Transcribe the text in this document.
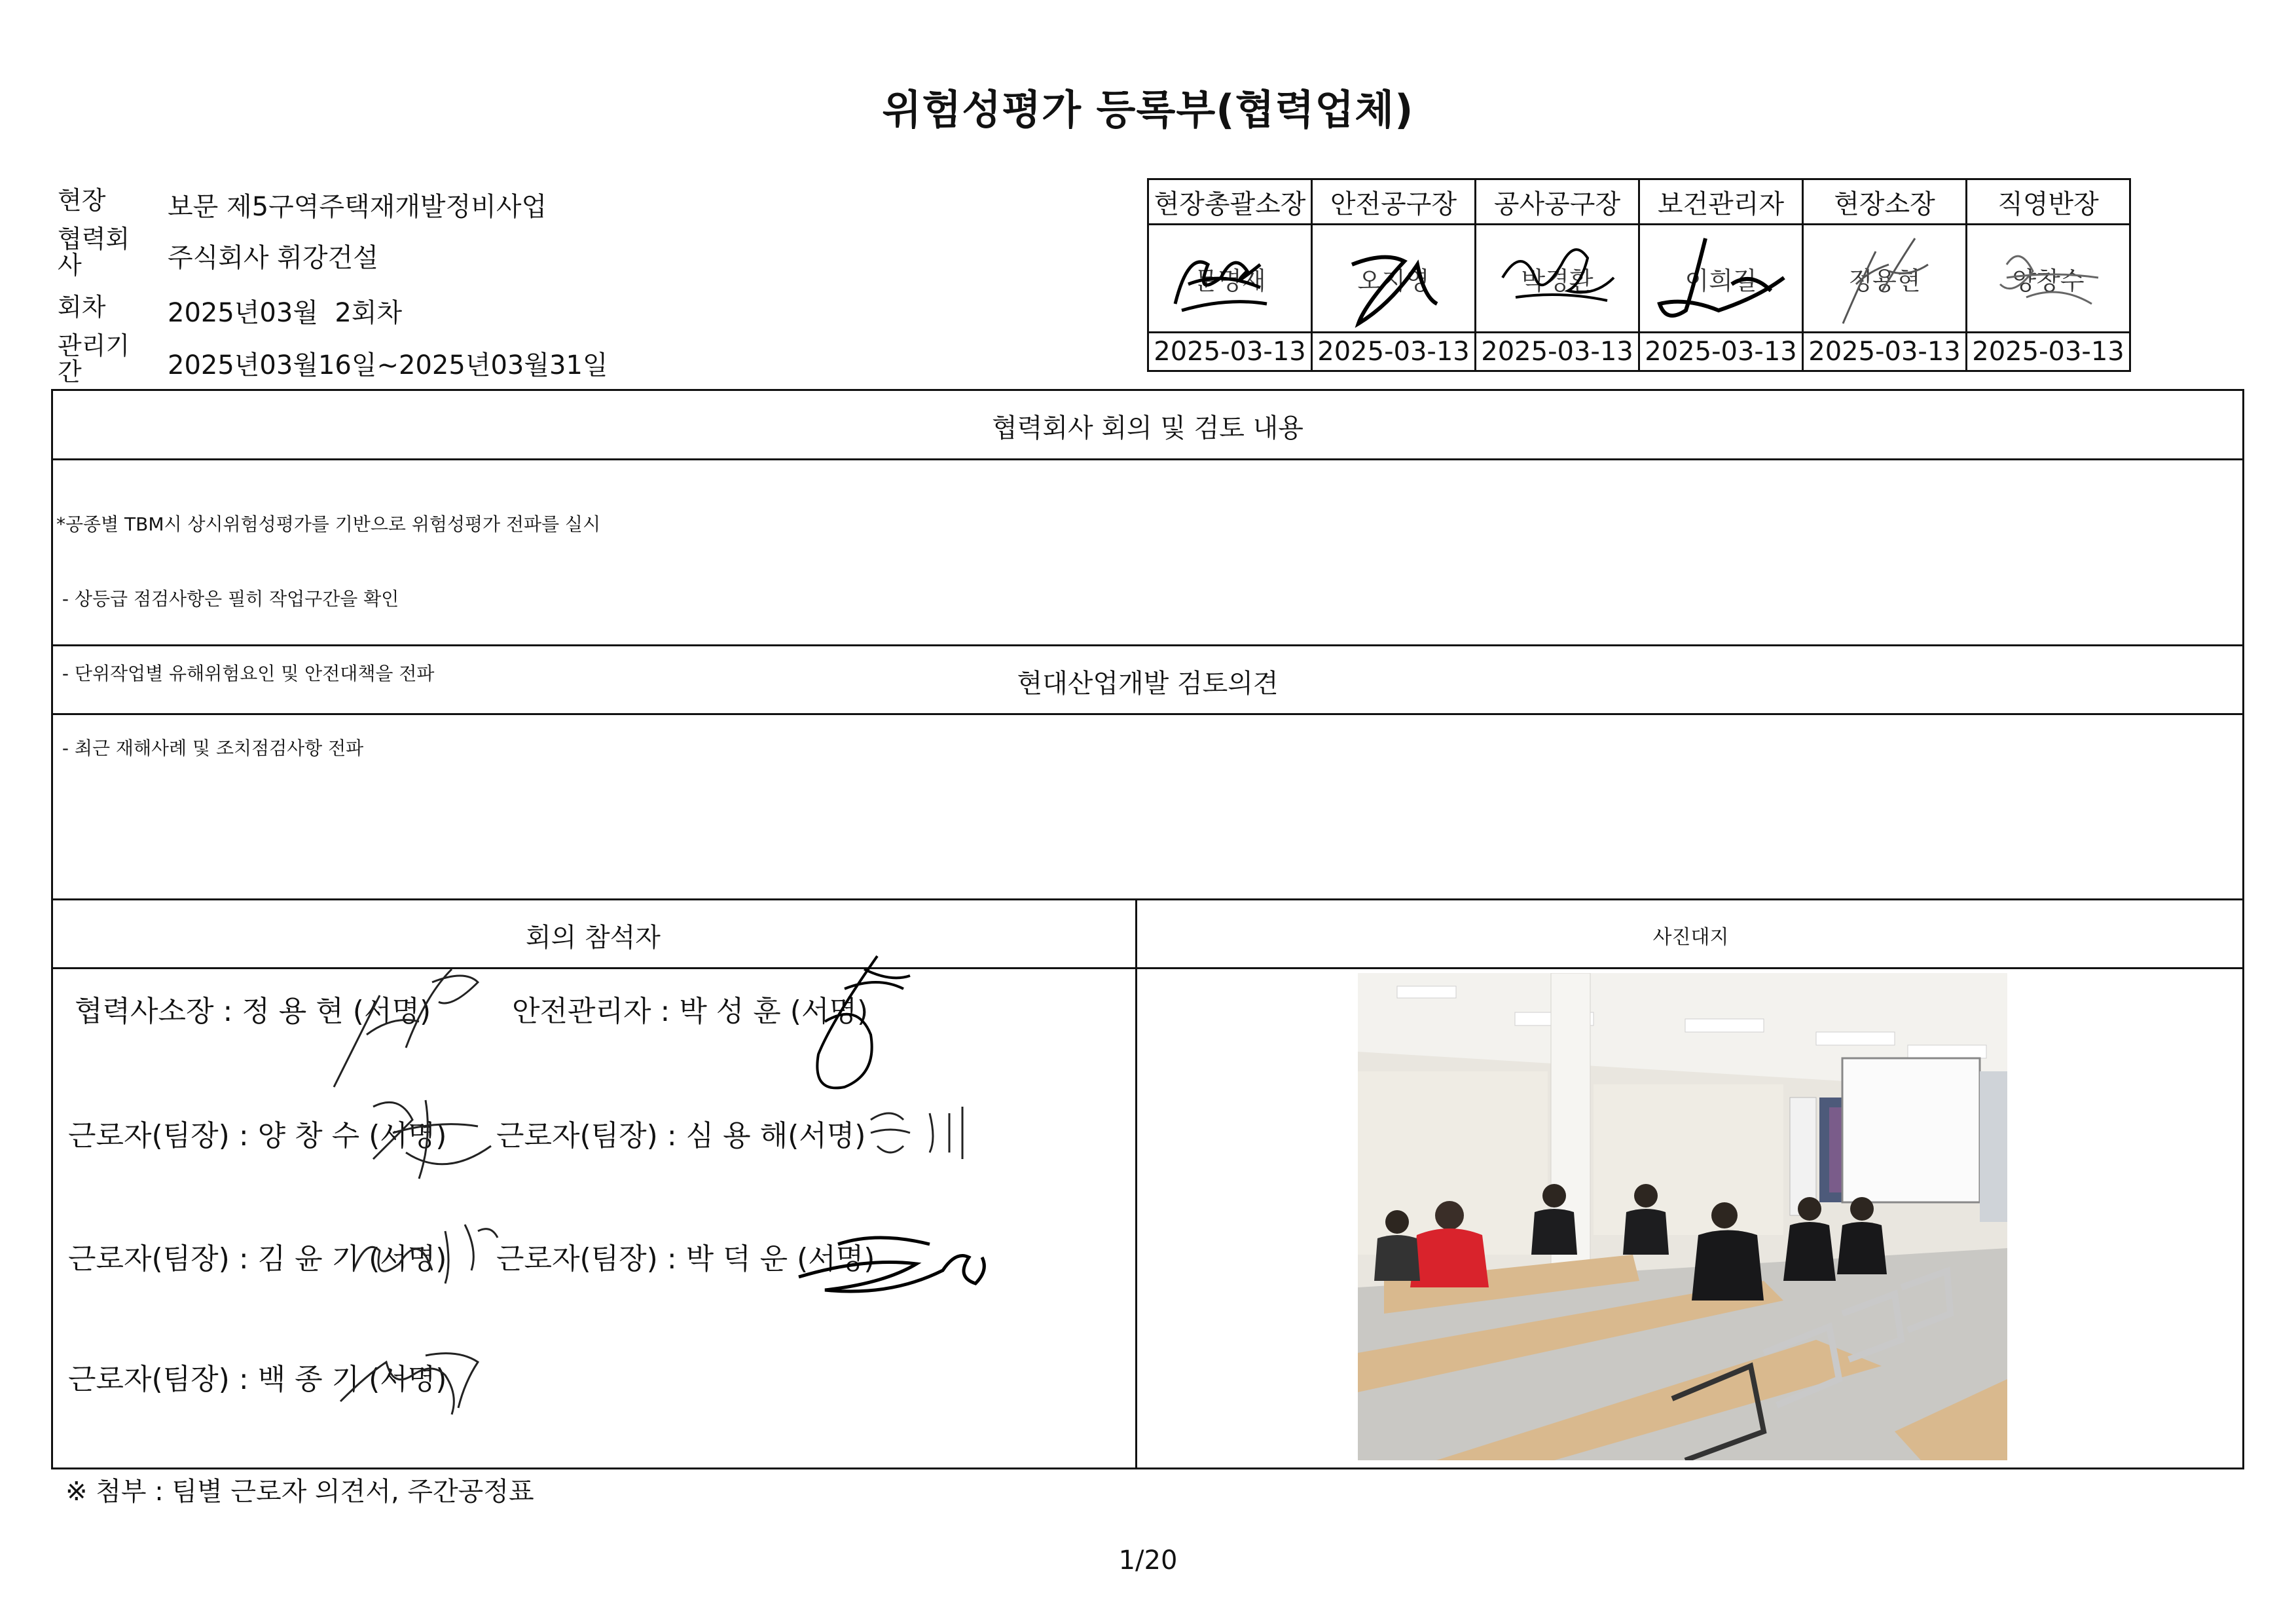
위험성평가 등록부(협력업체)
현장 보문 제5구역주택재개발정비사업
협력회사	주식회사 휘강건설
회차 2025년03월  2회차
관리기간	2025년03월16일~2025년03월31일
현장총괄소장	안전공구장	공사공구장	보건관리자	현장소장	직영반장
문명재	오지영	박경환	이희길	정용현	양창수

2025-03-13	2025-03-13	2025-03-13	2025-03-13	2025-03-13	2025-03-13
협력회사 회의 및 검토 내용

*공종별 TBM시 상시위험성평가를 기반으로 위험성평가 전파를 실시

- 상등급 점검사항은 필히 작업구간을 확인

- 단위작업별 유해위험요인 및 안전대책을 전파

- 최근 재해사례 및 조치점검사항 전파

현대산업개발 검토의견
회의 참석자	사진대지
협력사소장 : 정 용 현 (서명)	안전관리자 : 박 성 훈 (서명)
근로자(팀장) : 양 창 수 (서명) 근로자(팀장) : 심 용 해(서명)
근로자(팀장) : 김 윤 기 (서명) 근로자(팀장) : 박 덕 운 (서명)
근로자(팀장) : 백 종 기 (서명)
※ 첨부 : 팀별 근로자 의견서, 주간공정표
1/20
